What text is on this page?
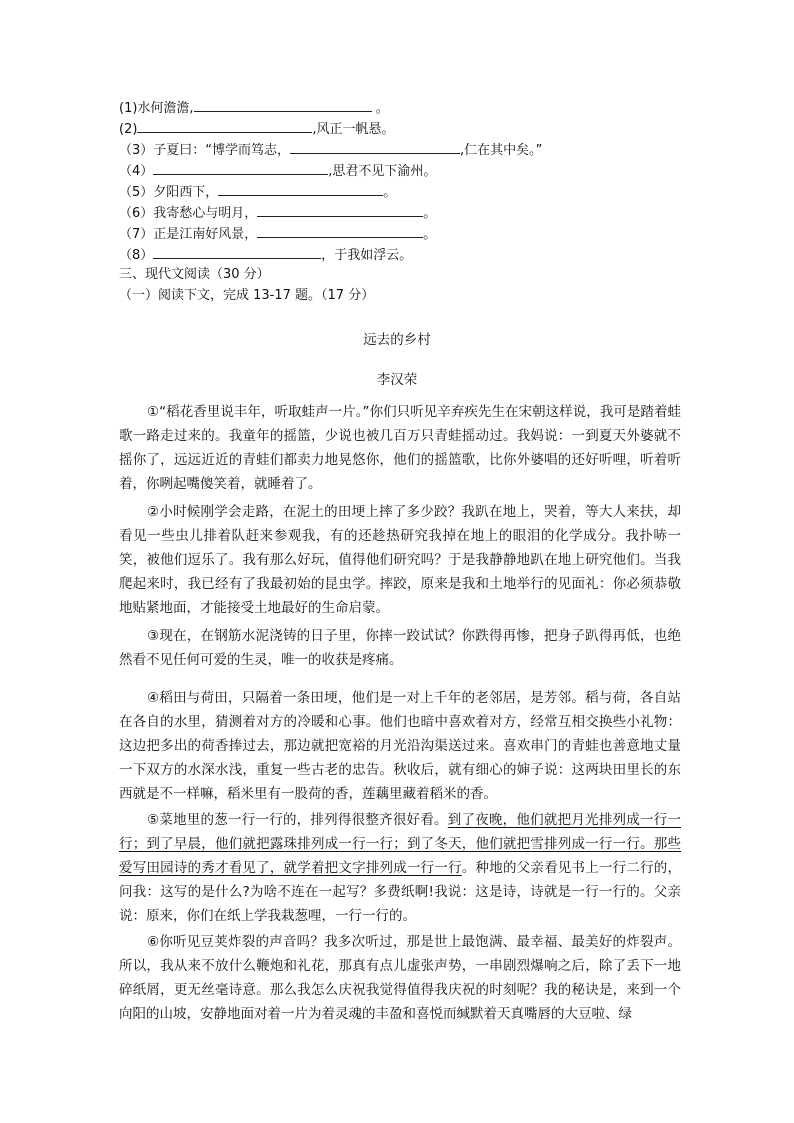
(1)水何澹澹,	。
(2)	,风正一帆悬。
（3）子夏曰：“博学而笃志，	,仁在其中矣。”
（4）	,思君不见下渝州。
（5）夕阳西下，	。
（6）我寄愁心与明月，	。
（7）正是江南好风景，	。
（8）	，于我如浮云。
三、现代文阅读（30 分）
（一）阅读下文，完成 13-17 题。（17 分）
远去的乡村
李汉荣
①“稻花香里说丰年，听取蛙声一片。”你们只听见辛弃疾先生在宋朝这样说，我可是踏着蛙歌一路走过来的。我童年的摇篮，少说也被几百万只青蛙摇动过。我妈说：一到夏天外婆就不摇你了，远远近近的青蛙们都卖力地晃悠你，他们的摇篮歌，比你外婆唱的还好听哩，听着听着，你咧起嘴傻笑着，就睡着了。
②小时候刚学会走路，在泥土的田埂上摔了多少跤？我趴在地上，哭着，等大人来扶，却看见一些虫儿排着队赶来参观我，有的还趁热研究我掉在地上的眼泪的化学成分。我扑哧一笑，被他们逗乐了。我有那么好玩，值得他们研究吗？于是我静静地趴在地上研究他们。当我爬起来时，我已经有了我最初始的昆虫学。摔跤，原来是我和土地举行的见面礼：你必须恭敬地贴紧地面，才能接受土地最好的生命启蒙。
③现在，在钢筋水泥浇铸的日子里，你摔一跤试试？你跌得再惨，把身子趴得再低，也绝然看不见任何可爱的生灵，唯一的收获是疼痛。
④稻田与荷田，只隔着一条田埂，他们是一对上千年的老邻居，是芳邻。稻与荷，各自站在各自的水里，猜测着对方的冷暖和心事。他们也暗中喜欢着对方，经常互相交换些小礼物：这边把多出的荷香捧过去，那边就把宽裕的月光沿沟渠送过来。喜欢串门的青蛙也善意地丈量一下双方的水深水浅，重复一些古老的忠告。秋收后，就有细心的婶子说：这两块田里长的东西就是不一样嘛，稻米里有一股荷的香，莲藕里藏着稻米的香。
⑤菜地里的葱一行一行的，排列得很整齐很好看。到了夜晚，他们就把月光排列成一行一行；到了早晨，他们就把露珠排列成一行一行；到了冬天，他们就把雪排列成一行一行。那些爱写田园诗的秀才看见了，就学着把文字排列成一行一行。种地的父亲看见书上一行二行的，问我：这写的是什么?为啥不连在一起写？多费纸啊!我说：这是诗，诗就是一行一行的。父亲说：原来，你们在纸上学我栽葱哩，一行一行的。
⑥你听见豆荚炸裂的声音吗？我多次听过，那是世上最饱满、最幸福、最美好的炸裂声。所以，我从来不放什么鞭炮和礼花，那真有点儿虚张声势，一串剧烈爆响之后，除了丢下一地碎纸屑，更无丝毫诗意。那么我怎么庆祝我觉得值得我庆祝的时刻呢？我的秘诀是，来到一个向阳的山坡，安静地面对着一片为着灵魂的丰盈和喜悦而缄默着天真嘴唇的大豆啦、绿
